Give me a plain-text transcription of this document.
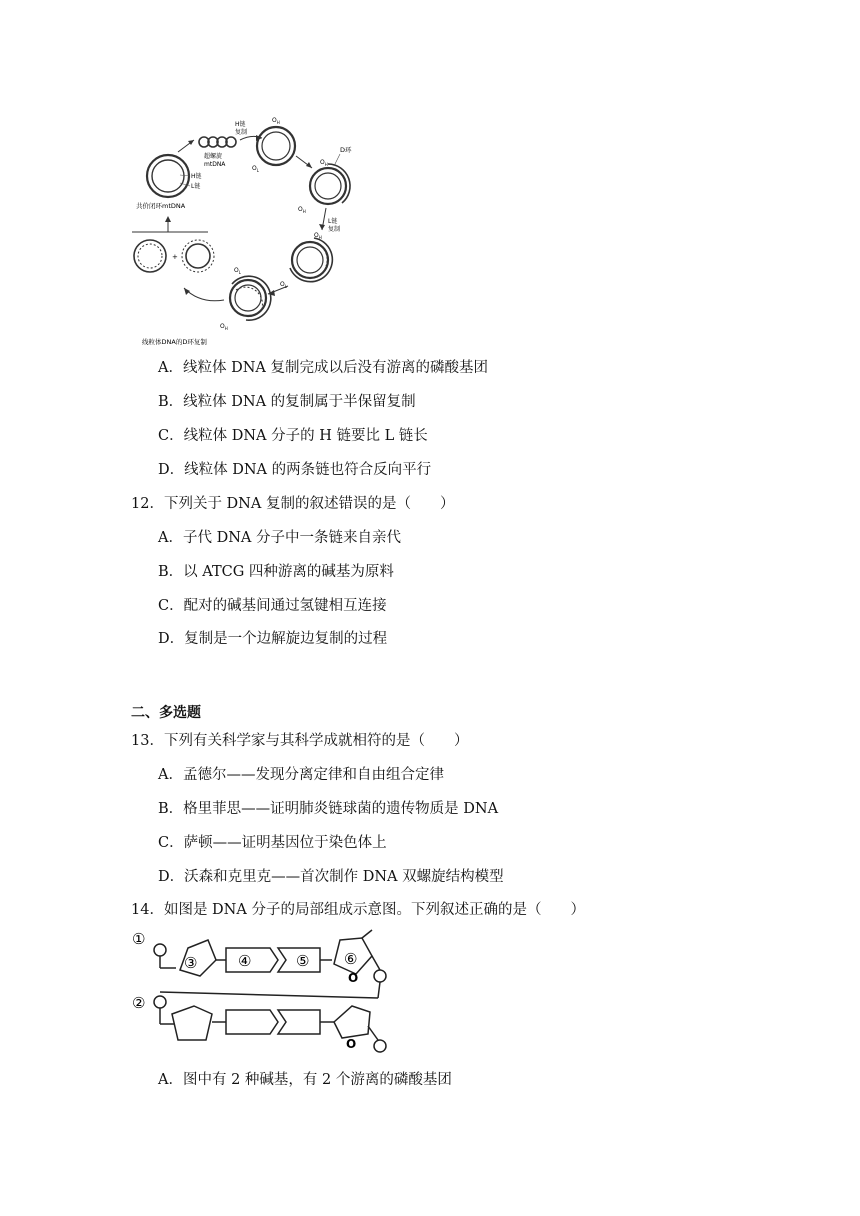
H链
L链
共价闭环mtDNA
超螺旋
mtDNA
H链
复制
$O_H$
$O_L$
D环
$O_H$
$O_H$
L链
复制
$O_H$
$O_L$
$O_L$
$O_H$
+
线粒体DNA的D环复制
A．线粒体 DNA 复制完成以后没有游离的磷酸基团
B．线粒体 DNA 的复制属于半保留复制
C．线粒体 DNA 分子的 H 链要比 L 链长
D．线粒体 DNA 的两条链也符合反向平行
12．下列关于 DNA 复制的叙述错误的是（　　）
A．子代 DNA 分子中一条链来自亲代
B．以 ATCG 四种游离的碱基为原料
C．配对的碱基间通过氢键相互连接
D．复制是一个边解旋边复制的过程
二、多选题
13．下列有关科学家与其科学成就相符的是（　　）
A．孟德尔——发现分离定律和自由组合定律
B．格里菲思——证明肺炎链球菌的遗传物质是 DNA
C．萨顿——证明基因位于染色体上
D．沃森和克里克——首次制作 DNA 双螺旋结构模型
14．如图是 DNA 分子的局部组成示意图。下列叙述正确的是（　　）
①
②
③	④	⑤ ⑥
O
O
A．图中有 2 种碱基，有 2 个游离的磷酸基团
